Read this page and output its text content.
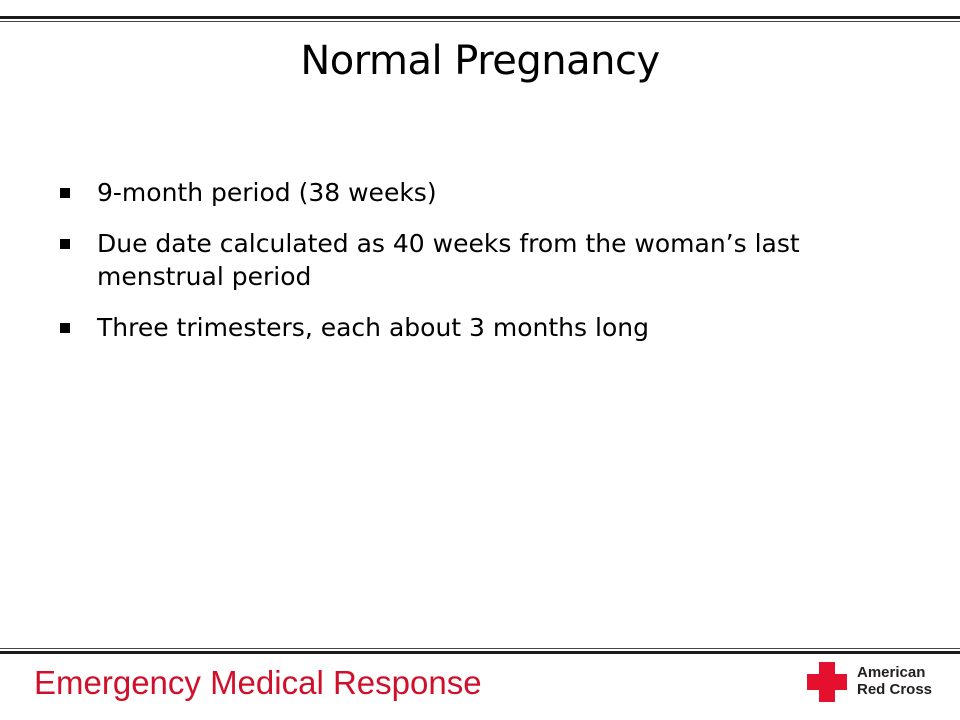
Normal Pregnancy
9-month period (38 weeks)
Due date calculated as 40 weeks from the woman’s last menstrual period
Three trimesters, each about 3 months long
Emergency Medical Response	American
Red Cross
